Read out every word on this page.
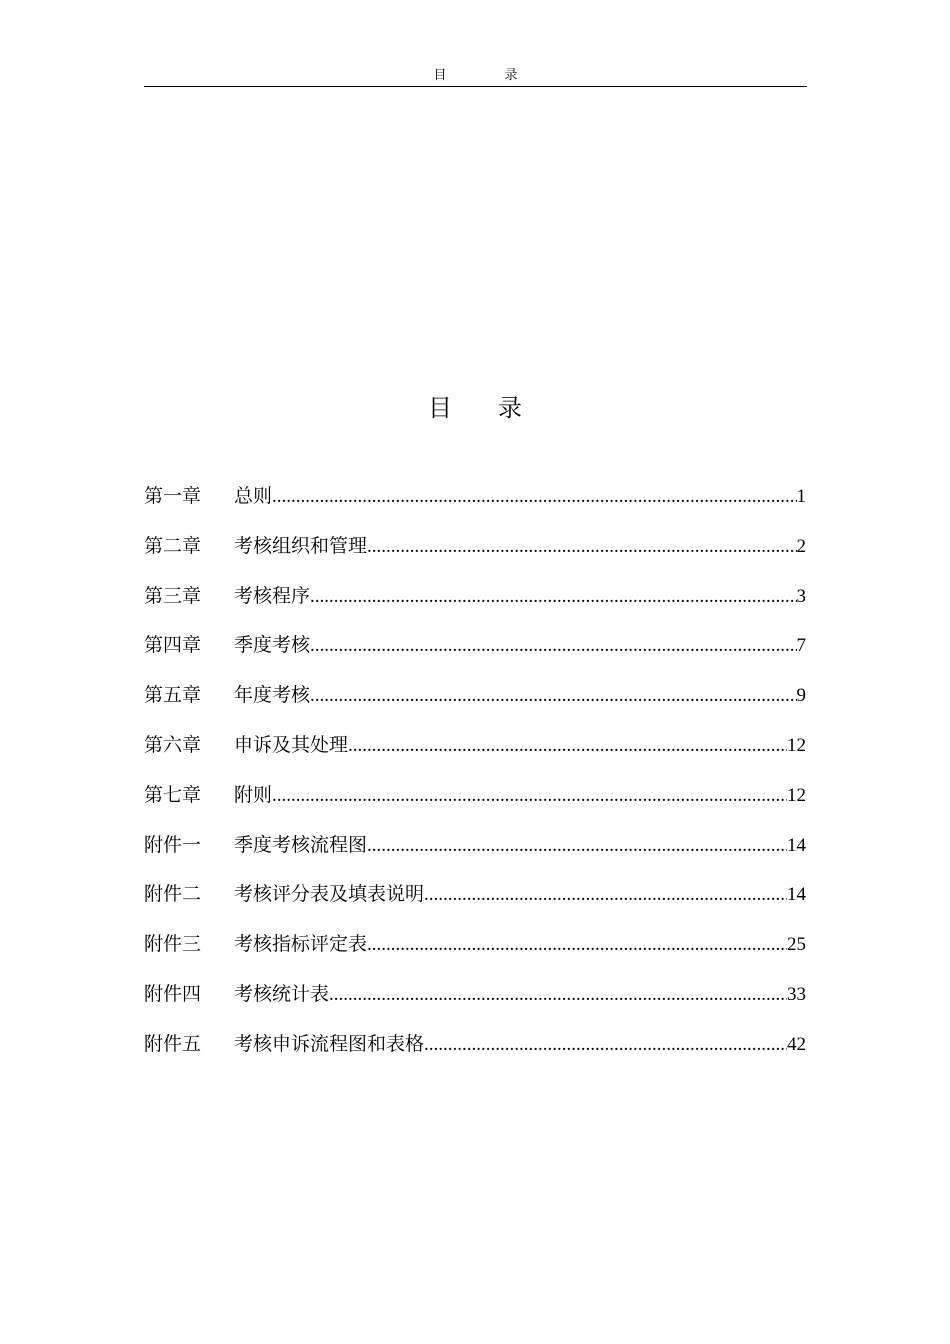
目录
目录
第一章	总则 .....	1
第二章	考核组织和管理 .....	2
第三章	考核程序 .....	3
第四章	季度考核 .....	7
第五章	年度考核 .....	9
第六章	申诉及其处理 .....	12
第七章	附则 .....	12
附件一	季度考核流程图 .....	14
附件二	考核评分表及填表说明 .....	14
附件三	考核指标评定表 .....	25
附件四	考核统计表 .....	33
附件五	考核申诉流程图和表格 .....	42
